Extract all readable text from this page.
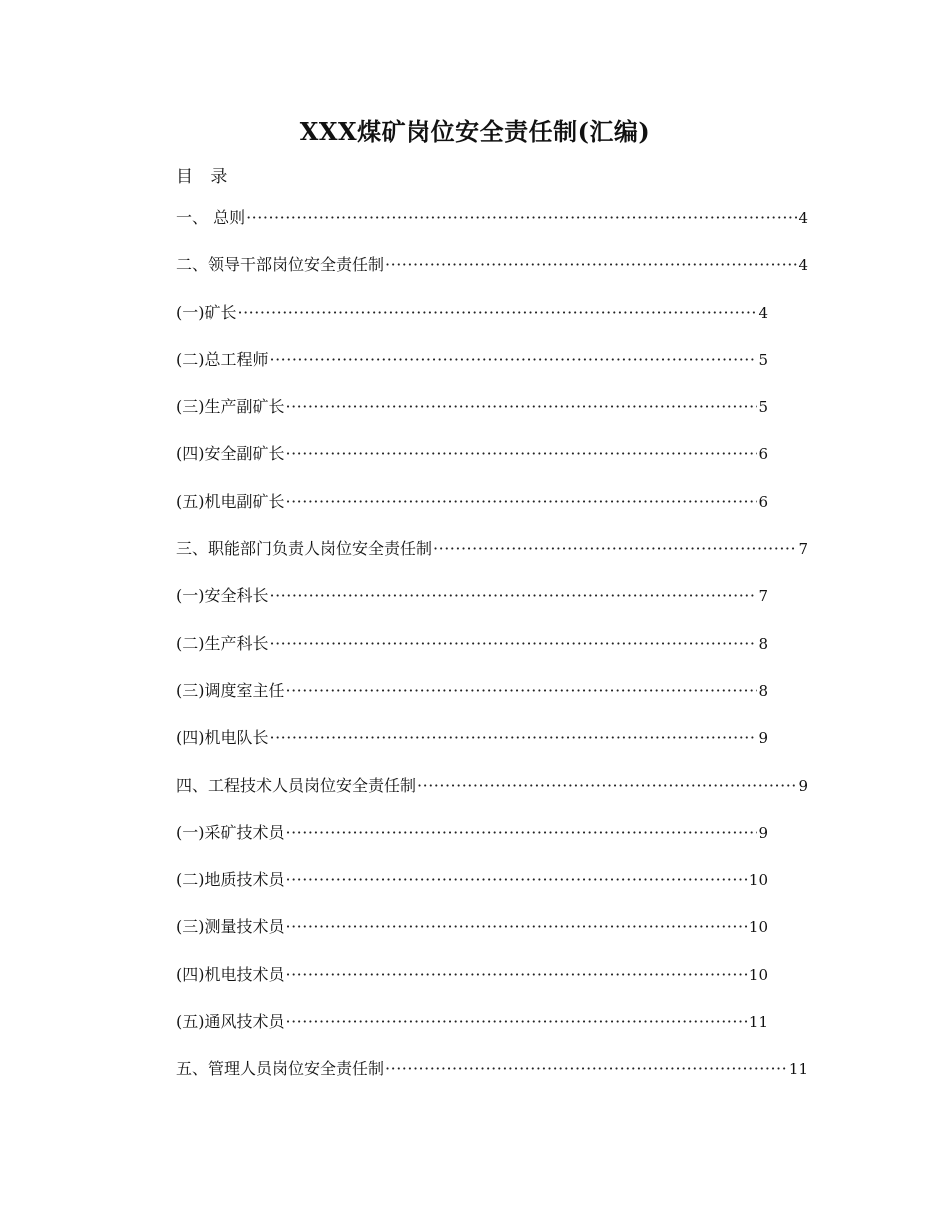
XXX煤矿岗位安全责任制(汇编)
目 录
一、 总则 ·····	4
二、领导干部岗位安全责任制 ·····	4
(一)矿长 ·····	4
(二)总工程师 ·····	5
(三)生产副矿长 ·····	5
(四)安全副矿长 ·····	6
(五)机电副矿长 ·····	6
三、职能部门负责人岗位安全责任制 ·····	7
(一)安全科长 ·····	7
(二)生产科长 ·····	8
(三)调度室主任 ·····	8
(四)机电队长 ·····	9
四、工程技术人员岗位安全责任制 ·····	9
(一)采矿技术员 ·····	9
(二)地质技术员 ·····	10
(三)测量技术员 ·····	10
(四)机电技术员 ·····	10
(五)通风技术员 ·····	11
五、管理人员岗位安全责任制 ·····	11
